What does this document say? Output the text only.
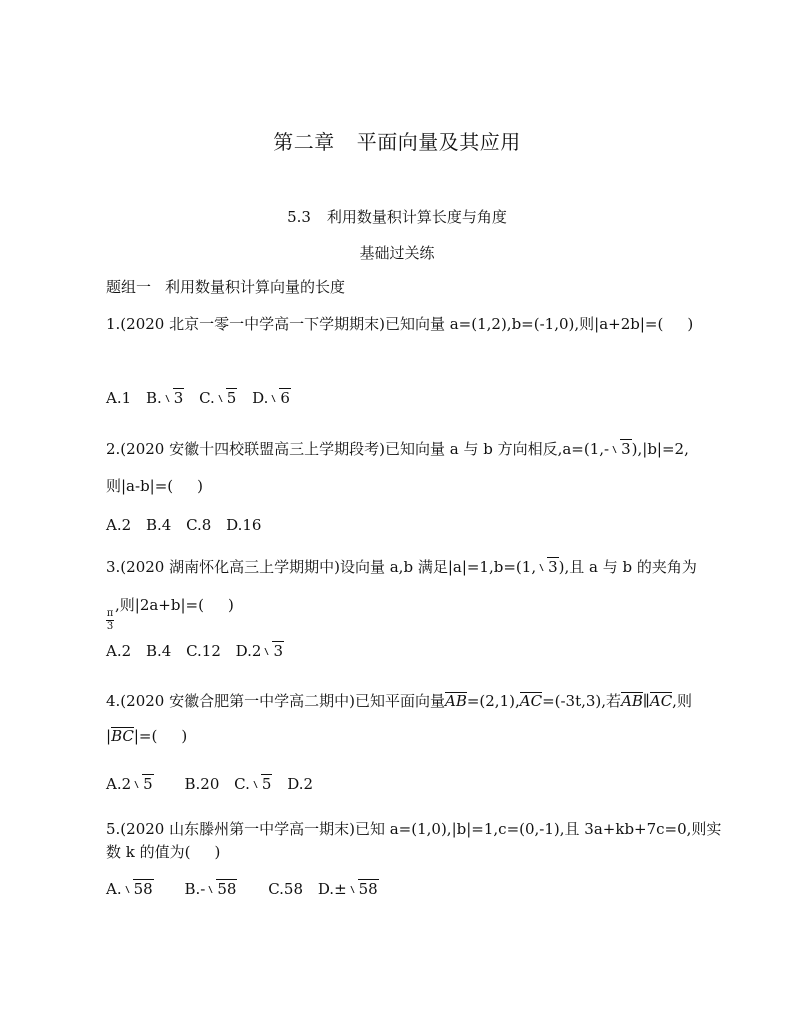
第二章 平面向量及其应用
5.3 利用数量积计算长度与角度
基础过关练
题组一 利用数量积计算向量的长度
1.(2020 北京一零一中学高一下学期期末)已知向量 a=(1,2),b=(-1,0),则|a+2b|=( )
A.1 B. 3 C. 5 D. 6
2.(2020 安徽十四校联盟高三上学期段考)已知向量 a 与 b 方向相反,a=(1,- 3),|b|=2,
则|a-b|=( )
A.2 B.4 C.8 D.16
3.(2020 湖南怀化高三上学期期中)设向量 a,b 满足|a|=1,b=(1, 3),且 a 与 b 的夹角为
$\frac{\pi}{3}$
,则|2a+b|=( )
A.2 B.4 C.12 D.2 3
4.(2020 安徽合肥第一中学高二期中)已知平面向量AB=(2,1),AC=(-3t,3),若AB∥AC,则
|BC|=( )
A.2 5 B.20 C. 5 D.2
5.(2020 山东滕州第一中学高一期末)已知 a=(1,0),|b|=1,c=(0,-1),且 3a+kb+7c=0,则实
数 k 的值为( )
A. 58 B.- 58 C.58 D.± 58
